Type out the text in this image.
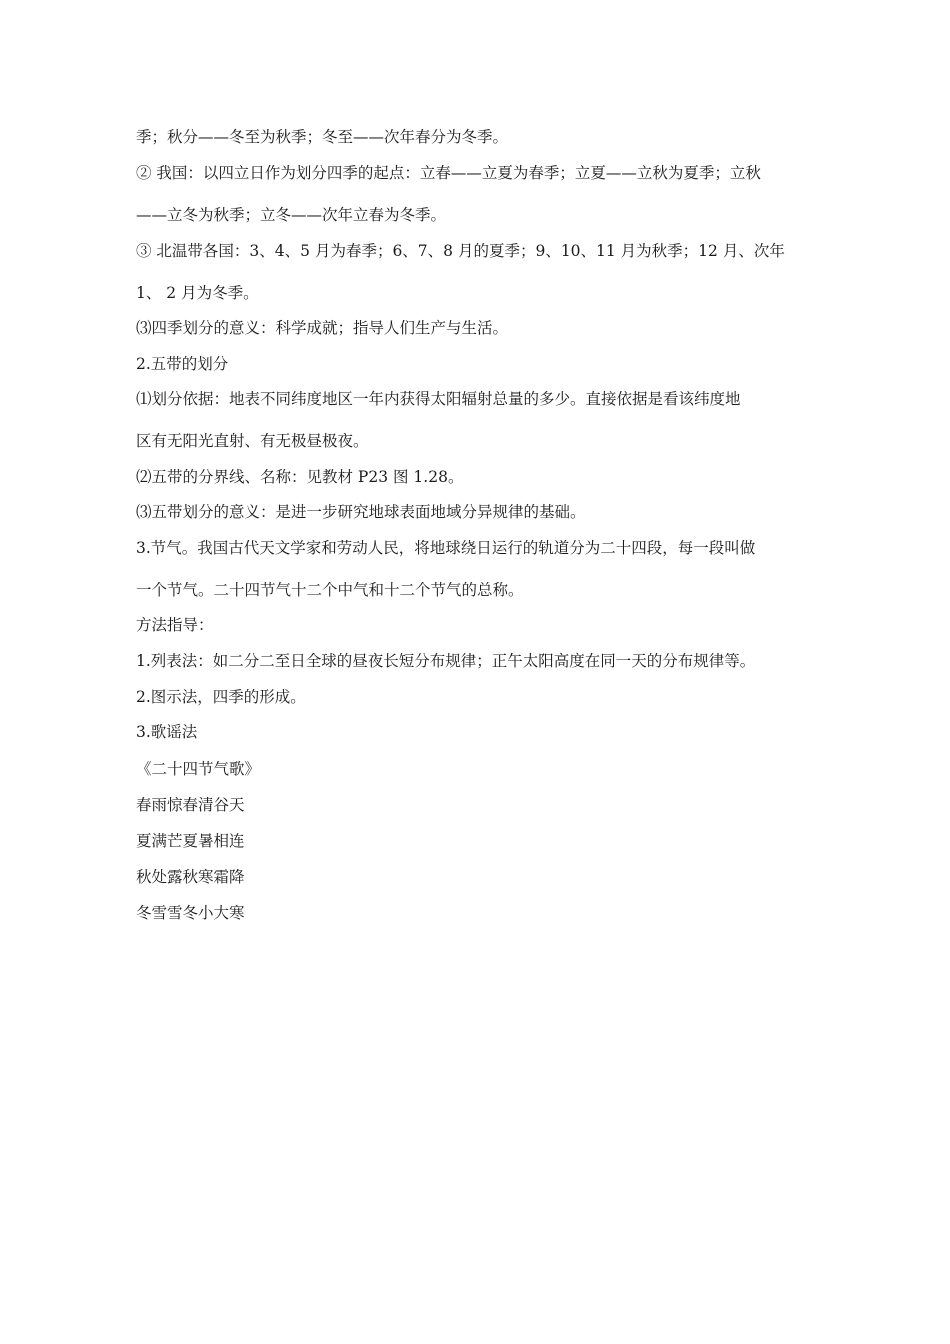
季；秋分——冬至为秋季；冬至——次年春分为冬季。
② 我国：以四立日作为划分四季的起点：立春——立夏为春季；立夏——立秋为夏季；立秋
——立冬为秋季；立冬——次年立春为冬季。
③ 北温带各国：3、4、5 月为春季；6、7、8 月的夏季；9、10、11 月为秋季；12 月、次年
1、 2 月为冬季。
⑶四季划分的意义：科学成就；指导人们生产与生活。
2.五带的划分
⑴划分依据：地表不同纬度地区一年内获得太阳辐射总量的多少。直接依据是看该纬度地
区有无阳光直射、有无极昼极夜。
⑵五带的分界线、名称：见教材 P23 图 1.28。
⑶五带划分的意义：是进一步研究地球表面地域分异规律的基础。
3.节气。我国古代天文学家和劳动人民，将地球绕日运行的轨道分为二十四段，每一段叫做
一个节气。二十四节气十二个中气和十二个节气的总称。
方法指导：
1.列表法：如二分二至日全球的昼夜长短分布规律；正午太阳高度在同一天的分布规律等。
2.图示法，四季的形成。
3.歌谣法
《二十四节气歌》
春雨惊春清谷天
夏满芒夏暑相连
秋处露秋寒霜降
冬雪雪冬小大寒
